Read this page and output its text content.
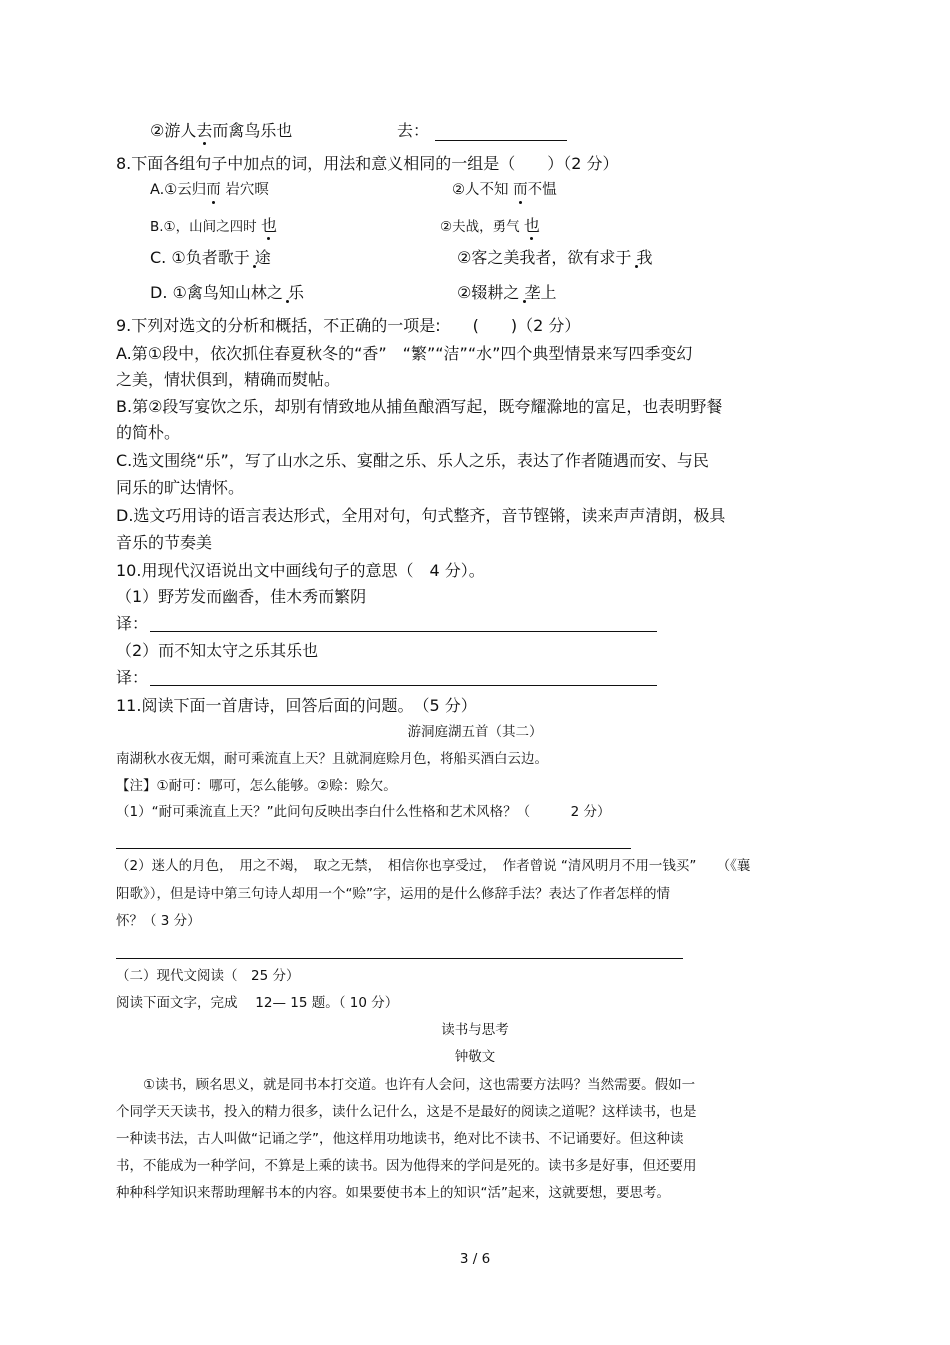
②游人去而禽鸟乐也	去：
8.下面各组句子中加点的词，用法和意义相同的一组是（　　）（2 分）
A.①云归而 岩穴暝	②人不知 而不愠
B.①，山间之四时 也	②夫战，勇气 也
C. ①负者歌于 途	②客之美我者，欲有求于 我
D. ①禽鸟知山林之 乐	②辍耕之 垄上
9.下列对选文的分析和概括，不正确的一项是:　　(　　)（2 分）
A.第①段中，依次抓住春夏秋冬的“香”　“繁”“洁”“水”四个典型情景来写四季变幻
之美，情状俱到，精确而熨帖。
B.第②段写宴饮之乐，却别有情致地从捕鱼酿酒写起，既夸耀滁地的富足，也表明野餐
的简朴。
C.选文围绕“乐”，写了山水之乐、宴酣之乐、乐人之乐，表达了作者随遇而安、与民
同乐的旷达情怀。
D.选文巧用诗的语言表达形式，全用对句，句式整齐，音节铿锵，读来声声清朗，极具
音乐的节奏美
10.用现代汉语说出文中画线句子的意思（　4 分）。
（1）野芳发而幽香，佳木秀而繁阴
译：
（2）而不知太守之乐其乐也
译：
11.阅读下面一首唐诗，回答后面的问题。　（5 分）
游洞庭湖五首（其二）
南湖秋水夜无烟，耐可乘流直上天？且就洞庭赊月色，将船买酒白云边。
【注】①耐可：哪可，怎么能够。②赊：赊欠。
（1）“耐可乘流直上天？”此问句反映出李白什么性格和艺术风格？（　　　2 分）
（2）迷人的月色，　用之不竭，　取之无禁，　相信你也享受过，　作者曾说 “清风明月不用一钱买”　　（《襄
阳歌》），但是诗中第三句诗人却用一个“赊”字，运用的是什么修辞手法？表达了作者怎样的情
怀？（ 3 分）
（二）现代文阅读（　25 分）
阅读下面文字，完成　 12— 15 题。（ 10 分）
读书与思考
钟敬文
　　①读书，顾名思义，就是同书本打交道。也许有人会问，这也需要方法吗？当然需要。假如一
个同学天天读书，投入的精力很多，读什么记什么，这是不是最好的阅读之道呢？这样读书，也是
一种读书法，古人叫做“记诵之学”，他这样用功地读书，绝对比不读书、不记诵要好。但这种读
书，不能成为一种学问，不算是上乘的读书。因为他得来的学问是死的。读书多是好事，但还要用
种种科学知识来帮助理解书本的内容。如果要使书本上的知识“活”起来，这就要想，要思考。
3 / 6
